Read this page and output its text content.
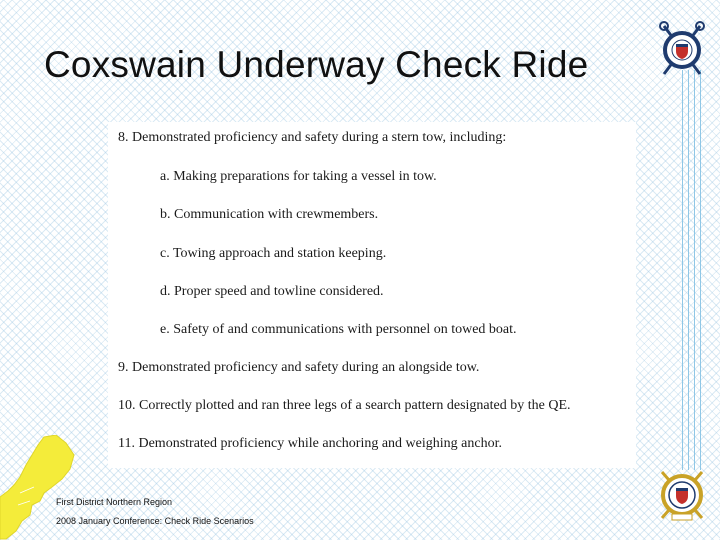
Coxswain Underway Check Ride

8. Demonstrated proficiency and safety during a stern tow, including:

a. Making preparations for taking a vessel in tow.

b. Communication with crewmembers.

c. Towing approach and station keeping.

d. Proper speed and towline considered.

e. Safety of and communications with personnel on towed boat.

9. Demonstrated proficiency and safety during an alongside tow.

10. Correctly plotted and ran three legs of a search pattern designated by the QE.

11. Demonstrated proficiency while anchoring and weighing anchor.

First District Northern Region
2008 January Conference: Check Ride Scenarios
